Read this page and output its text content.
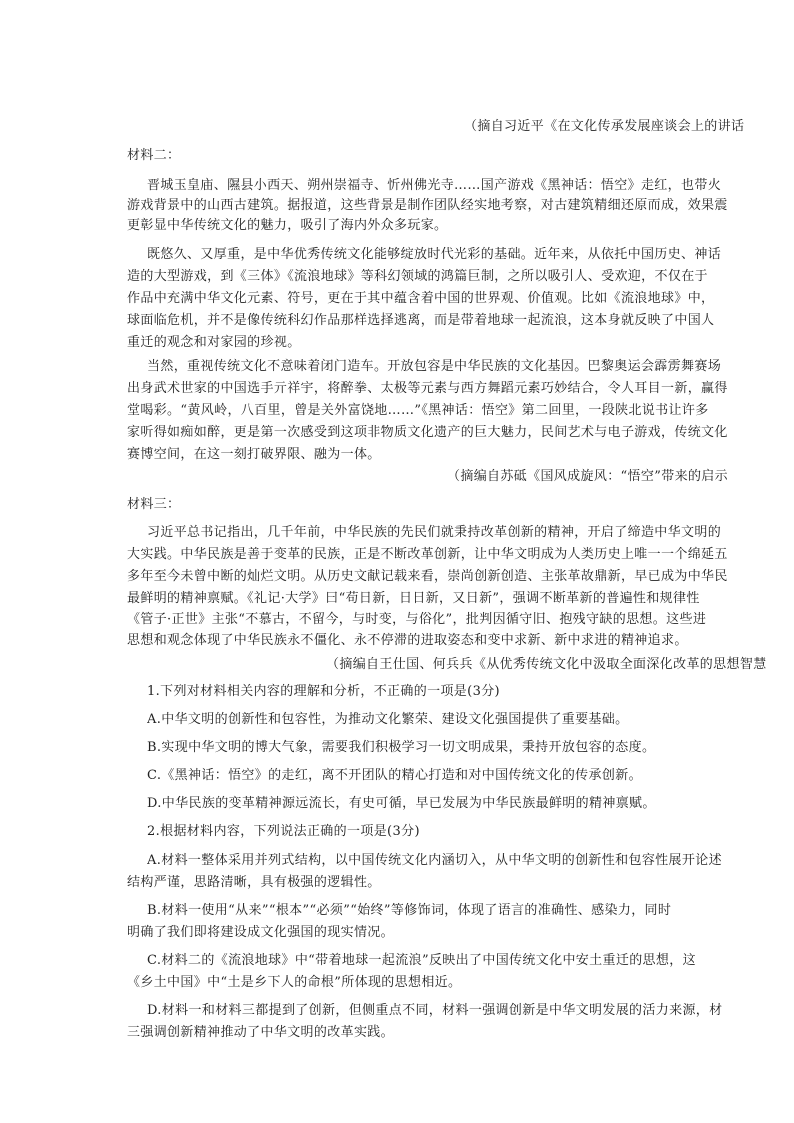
（摘自习近平《在文化传承发展座谈会上的讲话
材料二：
晋城玉皇庙、隰县小西天、朔州崇福寺、忻州佛光寺……国产游戏《黑神话：悟空》走红，也带火
游戏背景中的山西古建筑。据报道，这些背景是制作团队经实地考察，对古建筑精细还原而成，效果震
更彰显中华传统文化的魅力，吸引了海内外众多玩家。
既悠久、又厚重，是中华优秀传统文化能够绽放时代光彩的基础。近年来，从依托中国历史、神话
造的大型游戏，到《三体》《流浪地球》等科幻领域的鸿篇巨制，之所以吸引人、受欢迎，不仅在于
作品中充满中华文化元素、符号，更在于其中蕴含着中国的世界观、价值观。比如《流浪地球》中，
球面临危机，并不是像传统科幻作品那样选择逃离，而是带着地球一起流浪，这本身就反映了中国人
重迁的观念和对家园的珍视。
当然，重视传统文化不意味着闭门造车。开放包容是中华民族的文化基因。巴黎奥运会霹雳舞赛场
出身武术世家的中国选手亓祥宇，将醉拳、太极等元素与西方舞蹈元素巧妙结合，令人耳目一新，赢得
堂喝彩。“黄风岭，八百里，曾是关外富饶地……”《黑神话：悟空》第二回里，一段陕北说书让许多
家听得如痴如醉，更是第一次感受到这项非物质文化遗产的巨大魅力，民间艺术与电子游戏，传统文化
赛博空间，在这一刻打破界限、融为一体。
（摘编自苏砥《国风成旋风：“悟空”带来的启示
材料三：
习近平总书记指出，几千年前，中华民族的先民们就秉持改革创新的精神，开启了缔造中华文明的
大实践。中华民族是善于变革的民族，正是不断改革创新，让中华文明成为人类历史上唯一一个绵延五
多年至今未曾中断的灿烂文明。从历史文献记载来看，崇尚创新创造、主张革故鼎新，早已成为中华民
最鲜明的精神禀赋。《礼记·大学》曰“苟日新，日日新，又日新”，强调不断革新的普遍性和规律性
《管子·正世》主张“不慕古，不留今，与时变，与俗化”，批判因循守旧、抱残守缺的思想。这些进
思想和观念体现了中华民族永不僵化、永不停滞的进取姿态和变中求新、新中求进的精神追求。
（摘编自王仕国、何兵兵《从优秀传统文化中汲取全面深化改革的思想智慧
1.下列对材料相关内容的理解和分析，不正确的一项是(3分)
A.中华文明的创新性和包容性，为推动文化繁荣、建设文化强国提供了重要基础。
B.实现中华文明的博大气象，需要我们积极学习一切文明成果，秉持开放包容的态度。
C.《黑神话：悟空》的走红，离不开团队的精心打造和对中国传统文化的传承创新。
D.中华民族的变革精神源远流长，有史可循，早已发展为中华民族最鲜明的精神禀赋。
2.根据材料内容，下列说法正确的一项是(3分)
A.材料一整体采用并列式结构，以中国传统文化内涵切入，从中华文明的创新性和包容性展开论述
结构严谨，思路清晰，具有极强的逻辑性。
B.材料一使用“从来”“根本”“必须”“始终”等修饰词，体现了语言的准确性、感染力，同时
明确了我们即将建设成文化强国的现实情况。
C.材料二的《流浪地球》中“带着地球一起流浪”反映出了中国传统文化中安土重迁的思想，这
《乡土中国》中“土是乡下人的命根”所体现的思想相近。
D.材料一和材料三都提到了创新，但侧重点不同，材料一强调创新是中华文明发展的活力来源，材
三强调创新精神推动了中华文明的改革实践。
